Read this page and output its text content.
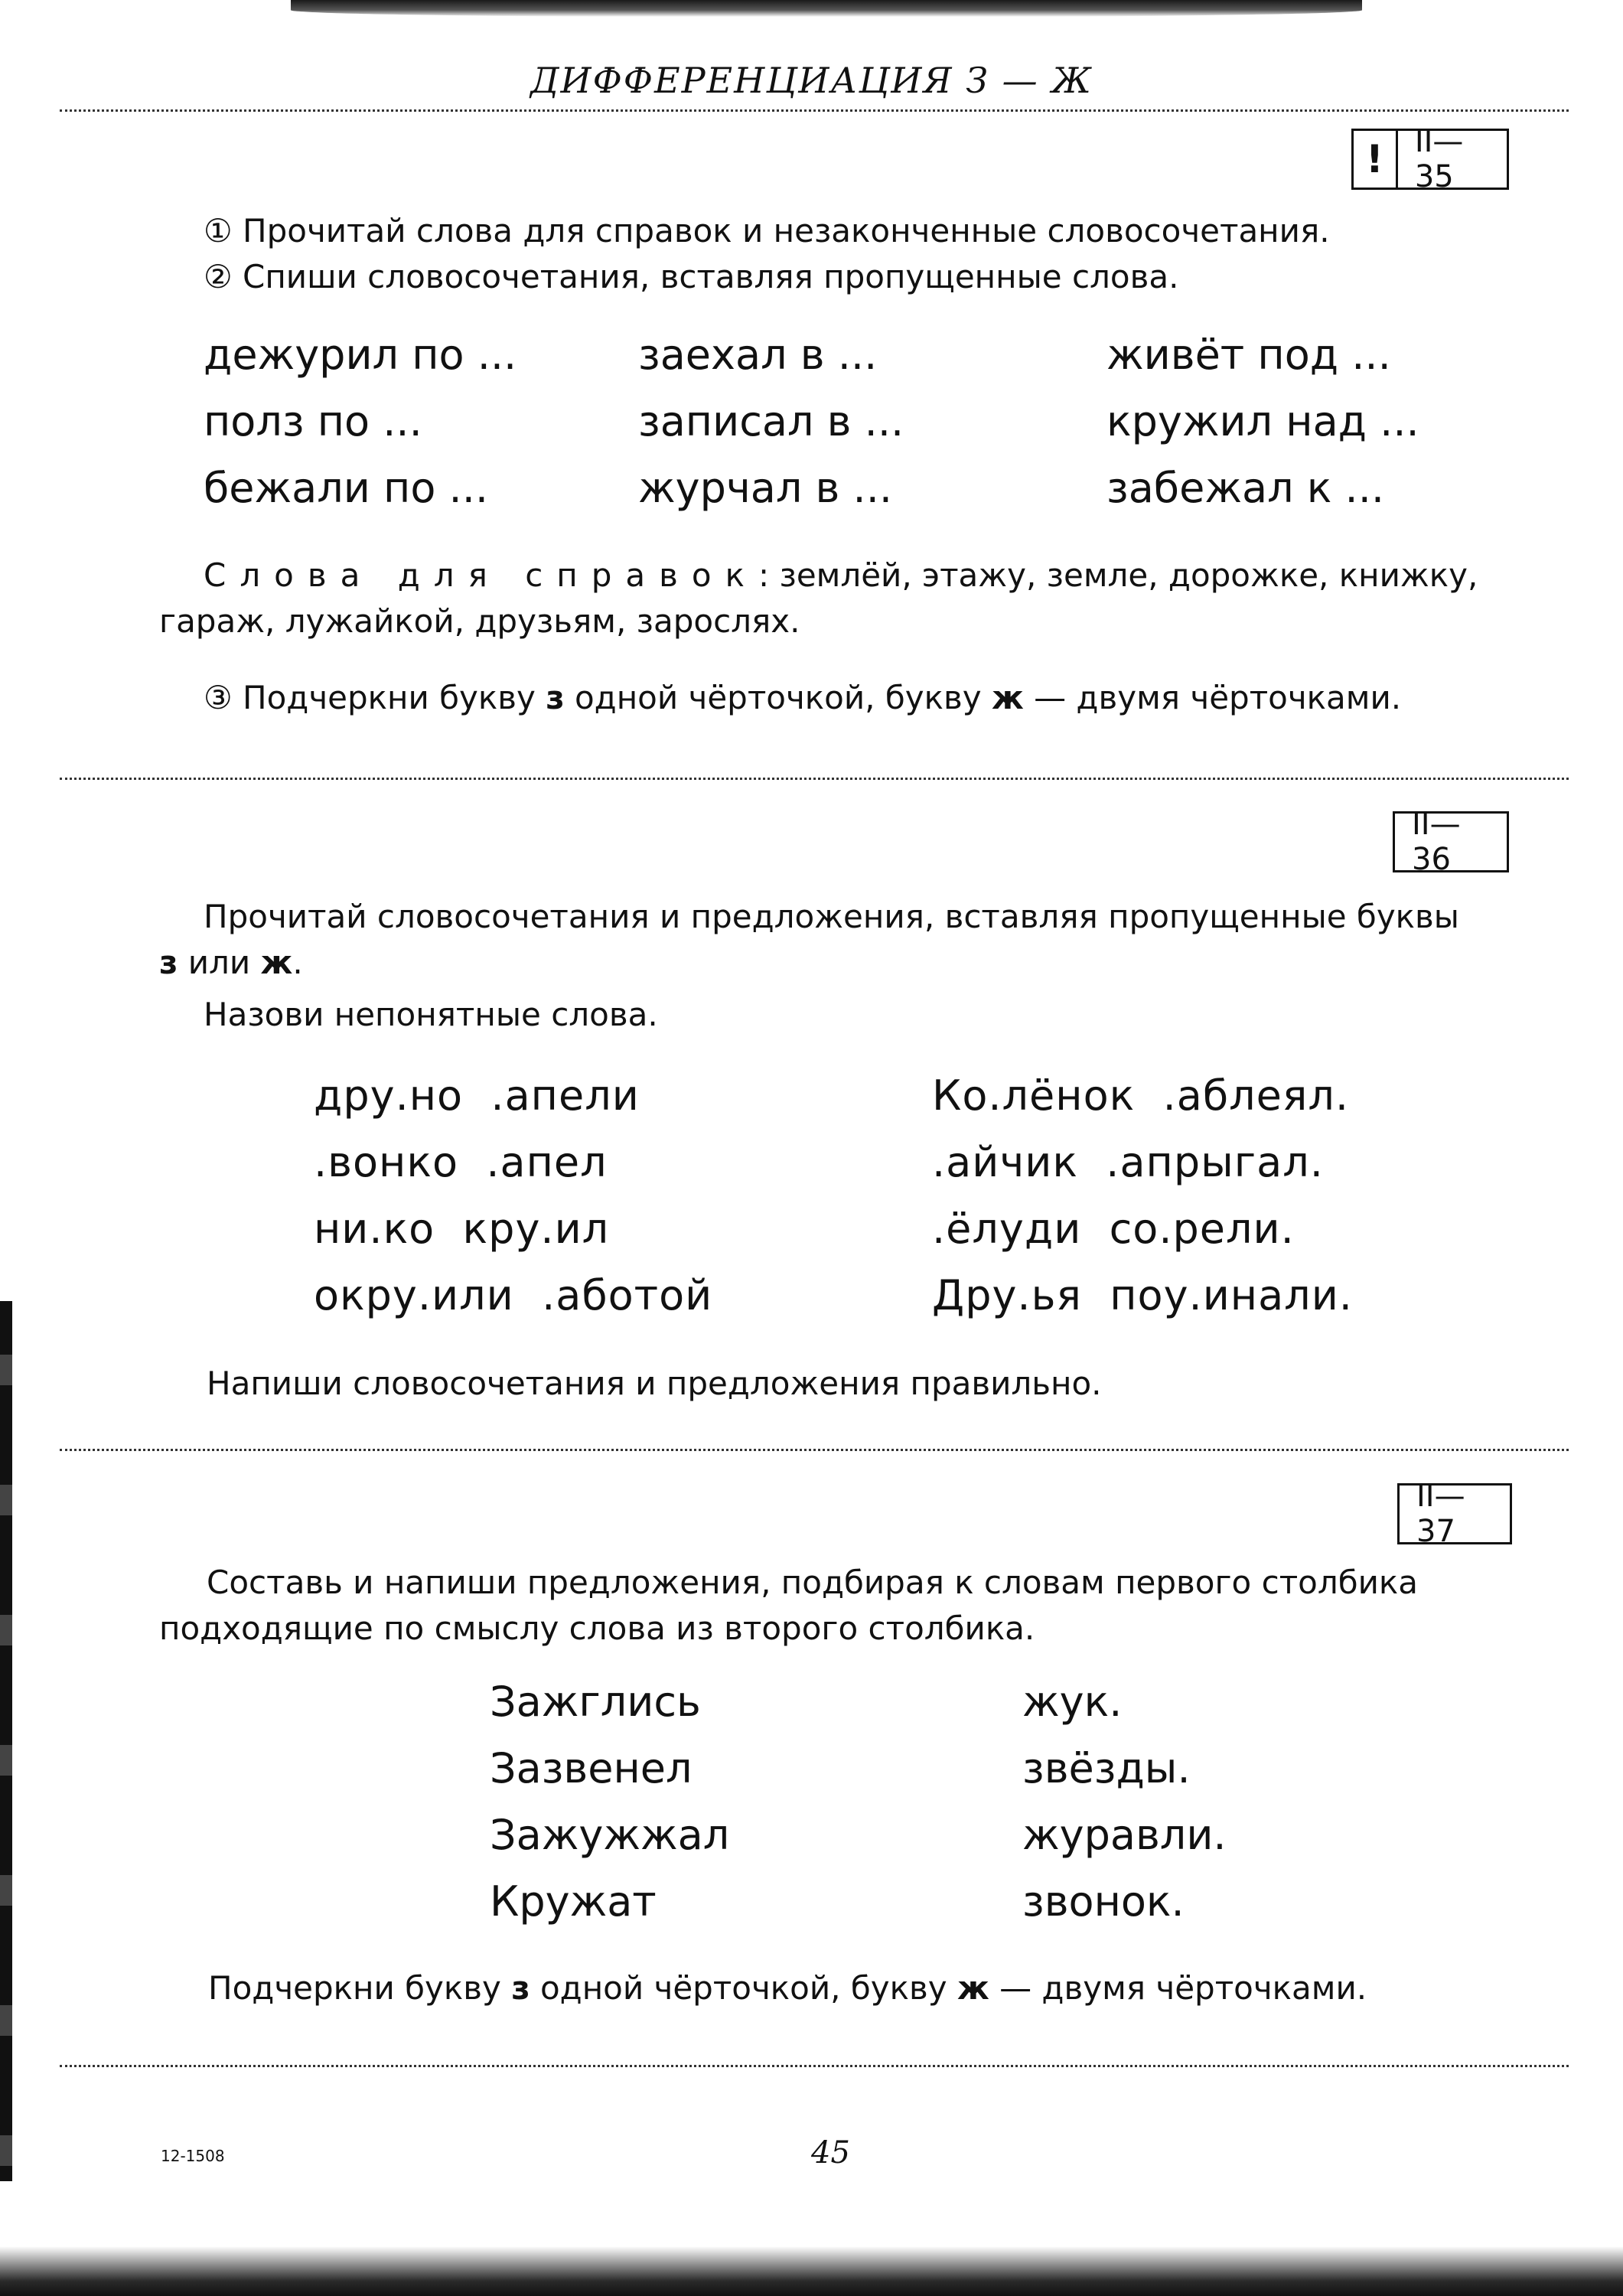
ДИФФЕРЕНЦИАЦИЯ З — Ж
!	II—35
① Прочитай слова для справок и незаконченные словосочетания.
② Спиши словосочетания, вставляя пропущенные слова.
дежурил по ...
полз по ...
бежали по ...
заехал в ...
записал в ...
журчал в ...
живёт под ...
кружил над ...
забежал к ...
Слова для справок: землёй, этажу, земле, дорожке, книжку,
гараж, лужайкой, друзьям, зарослях.
③ Подчеркни букву з одной чёрточкой, букву ж — двумя чёрточками.
II—36
Прочитай словосочетания и предложения, вставляя пропущенные буквы
з или ж.
Назови непонятные слова.
дру.но  .апели
.вонко  .апел
ни.ко  кру.ил
окру.или  .аботой
Ко.лёнок  .аблеял.
.айчик  .апрыгал.
.ёлуди  со.рели.
Дру.ья  поу.инали.
Напиши словосочетания и предложения правильно.
II—37
Составь и напиши предложения, подбирая к словам первого столбика
подходящие по смыслу слова из второго столбика.
Зажглись
Зазвенел
Зажужжал
Кружат
жук.
звёзды.
журавли.
звонок.
Подчеркни букву з одной чёрточкой, букву ж — двумя чёрточками.
12-1508	45
